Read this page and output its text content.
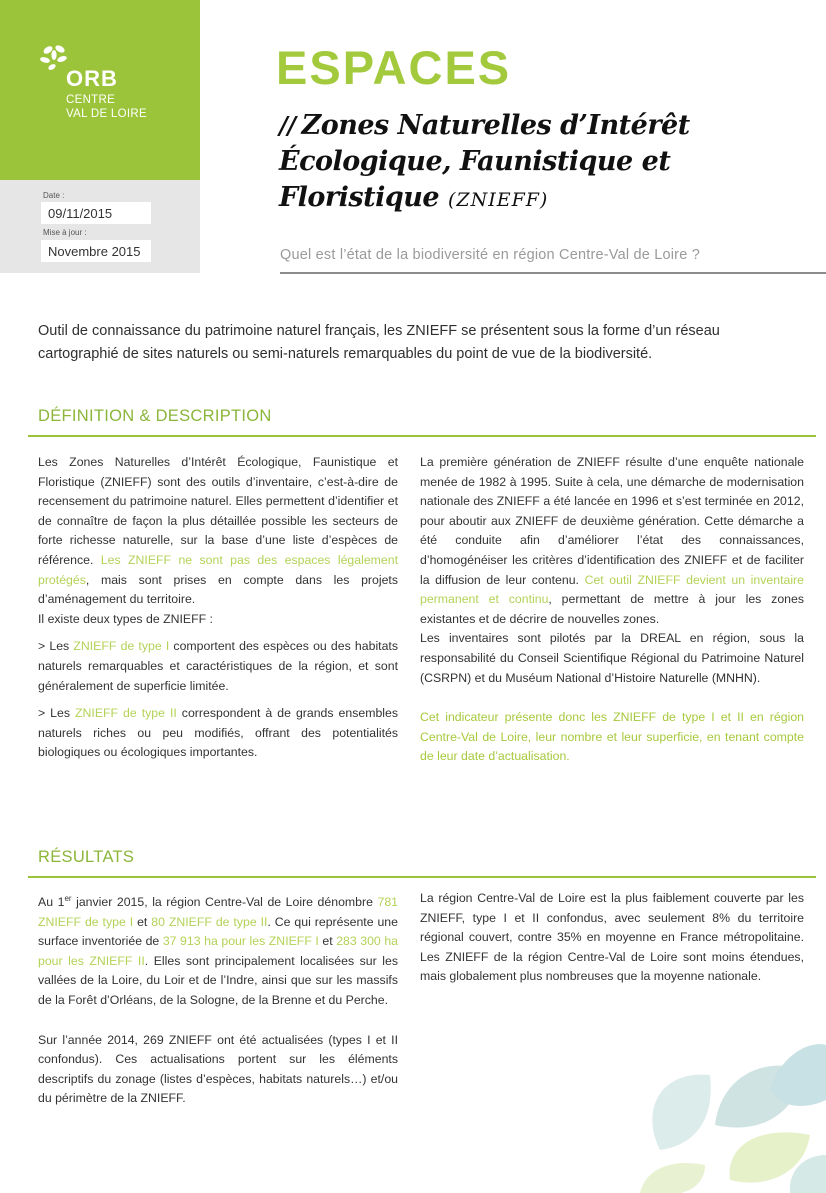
ORB
CENTRE
VAL DE LOIRE
Date :
09/11/2015
Mise à jour :
Novembre 2015
ESPACES
// Zones Naturelles d’Intérêt
Écologique, Faunistique et
Floristique (ZNIEFF)
Quel est l’état de la biodiversité en région Centre-Val de Loire ?
Outil de connaissance du patrimoine naturel français, les ZNIEFF se présentent sous la forme d’un réseau cartographié de sites naturels ou semi-naturels remarquables du point de vue de la biodiversité.
DÉFINITION & DESCRIPTION

Les Zones Naturelles d’Intérêt Écologique, Faunistique et Floristique (ZNIEFF) sont des outils d’inventaire, c’est-à-dire de recensement du patrimoine naturel. Elles permettent d’identifier et de connaître de façon la plus détaillée possible les secteurs de forte richesse naturelle, sur la base d’une liste d’espèces de référence. Les ZNIEFF ne sont pas des espaces légalement protégés, mais sont prises en compte dans les projets d’aménagement du territoire.

Il existe deux types de ZNIEFF :

> Les ZNIEFF de type I comportent des espèces ou des habitats naturels remarquables et caractéristiques de la région, et sont généralement de superficie limitée.

> Les ZNIEFF de type II correspondent à de grands ensembles naturels riches ou peu modifiés, offrant des potentialités biologiques ou écologiques importantes.

La première génération de ZNIEFF résulte d’une enquête nationale menée de 1982 à 1995. Suite à cela, une démarche de modernisation nationale des ZNIEFF a été lancée en 1996 et s’est terminée en 2012, pour aboutir aux ZNIEFF de deuxième génération. Cette démarche a été conduite afin d’améliorer l’état des connaissances, d’homogénéiser les critères d’identification des ZNIEFF et de faciliter la diffusion de leur contenu. Cet outil ZNIEFF devient un inventaire permanent et continu, permettant de mettre à jour les zones existantes et de décrire de nouvelles zones.

Les inventaires sont pilotés par la DREAL en région, sous la responsabilité du Conseil Scientifique Régional du Patrimoine Naturel (CSRPN) et du Muséum National d’Histoire Naturelle (MNHN).

Cet indicateur présente donc les ZNIEFF de type I et II en région Centre-Val de Loire, leur nombre et leur superficie, en tenant compte de leur date d’actualisation.

RÉSULTATS

Au 1er janvier 2015, la région Centre-Val de Loire dénombre 781 ZNIEFF de type I et 80 ZNIEFF de type II. Ce qui représente une surface inventoriée de 37 913 ha pour les ZNIEFF I et 283 300 ha pour les ZNIEFF II. Elles sont principalement localisées sur les vallées de la Loire, du Loir et de l’Indre, ainsi que sur les massifs de la Forêt d’Orléans, de la Sologne, de la Brenne et du Perche.

Sur l’année 2014, 269 ZNIEFF ont été actualisées (types I et II confondus). Ces actualisations portent sur les éléments descriptifs du zonage (listes d’espèces, habitats naturels…) et/ou du périmètre de la ZNIEFF.

La région Centre-Val de Loire est la plus faiblement couverte par les ZNIEFF, type I et II confondus, avec seulement 8% du territoire régional couvert, contre 35% en moyenne en France métropolitaine. Les ZNIEFF de la région Centre-Val de Loire sont moins étendues, mais globalement plus nombreuses que la moyenne nationale.
